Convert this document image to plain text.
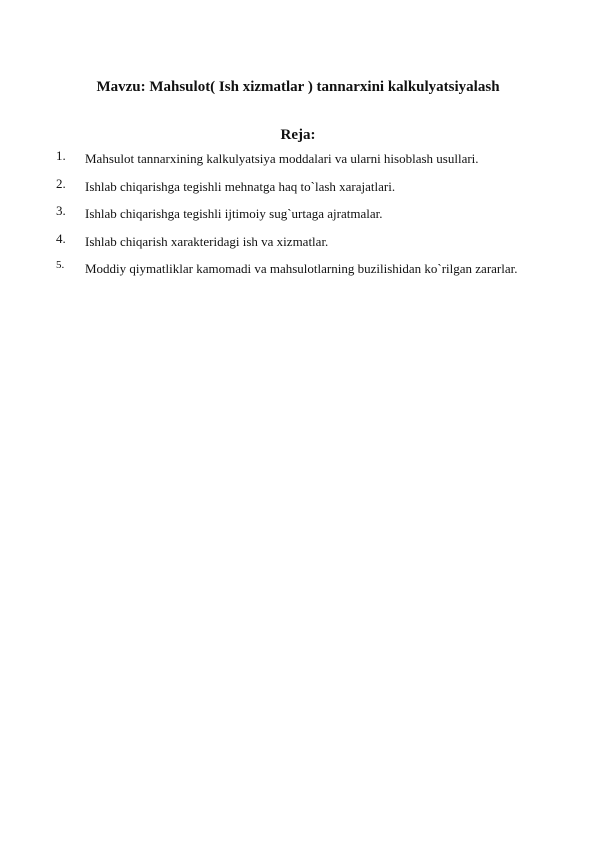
Mavzu: Mahsulot( Ish xizmatlar ) tannarxini kalkulyatsiyalash
Reja:
1. Mahsulot tannarxining kalkulyatsiya moddalari va ularni hisoblash usullari.
2. Ishlab chiqarishga tegishli mehnatga haq to`lash xarajatlari.
3. Ishlab chiqarishga tegishli ijtimoiy sug`urtaga ajratmalar.
4. Ishlab chiqarish xarakteridagi ish va xizmatlar.
5. Moddiy qiymatliklar kamomadi va mahsulotlarning buzilishidan ko`rilgan zararlar.
